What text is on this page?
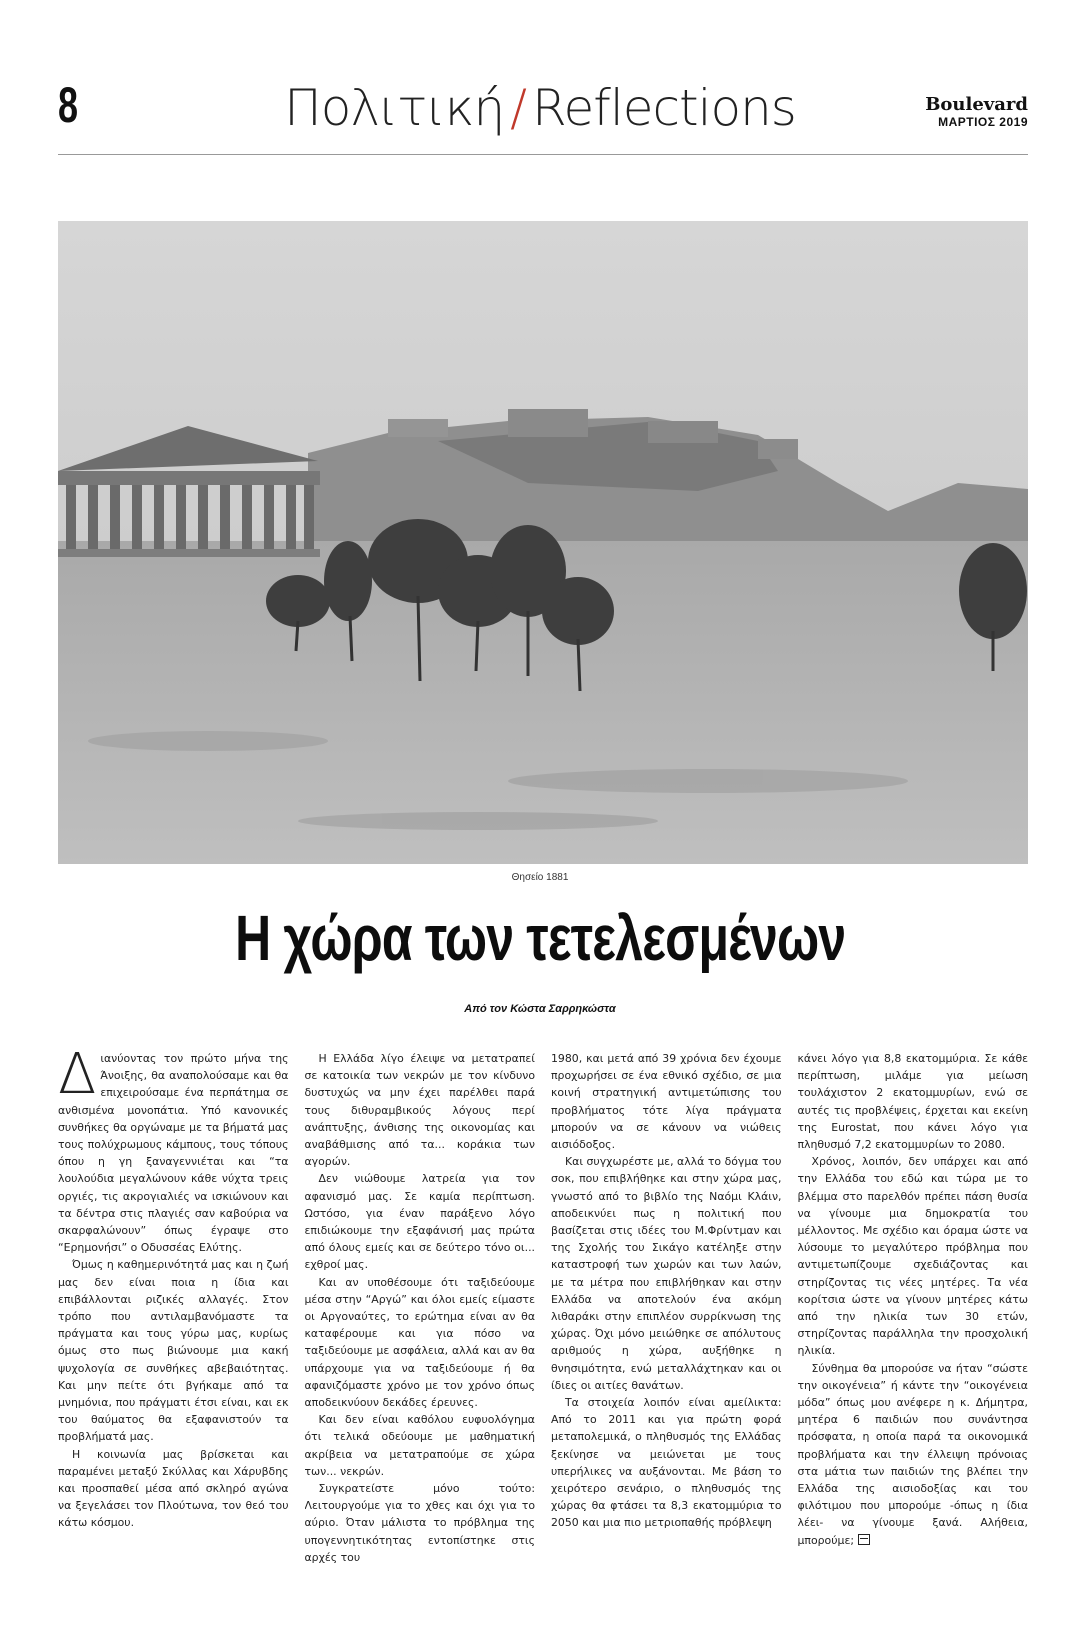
8	Πολιτική / Reflections	Boulevard
ΜΑΡΤΙΟΣ 2019
Θησείο 1881
Η χώρα των τετελεσμένων
Από τον Κώστα Σαρρηκώστα

Διανύοντας τον πρώτο μήνα της Άνοιξης, θα αναπολούσαμε και θα επιχειρούσαμε ένα περπάτημα σε ανθισμένα μονοπάτια. Υπό κανονικές συνθήκες θα οργώναμε με τα βήματά μας τους πολύχρωμους κάμπους, τους τόπους όπου η γη ξαναγεννιέται και “τα λουλούδια μεγαλώνουν κάθε νύχτα τρεις οργιές, τις ακρογιαλιές να ισκιώνουν και τα δέντρα στις πλαγιές σαν καβούρια να σκαρφαλώνουν” όπως έγραψε στο “Ερημονήσι” ο Οδυσσέας Ελύτης.

Όμως η καθημερινότητά μας και η ζωή μας δεν είναι ποια η ίδια και επιβάλλονται ριζικές αλλαγές. Στον τρόπο που αντιλαμβανόμαστε τα πράγματα και τους γύρω μας, κυρίως όμως στο πως βιώνουμε μια κακή ψυχολογία σε συνθήκες αβεβαιότητας. Και μην πείτε ότι βγήκαμε από τα μνημόνια, που πράγματι έτσι είναι, και εκ του θαύματος θα εξαφανιστούν τα προβλήματά μας.

Η κοινωνία μας βρίσκεται και παραμένει μεταξύ Σκύλλας και Χάρυβδης και προσπαθεί μέσα από σκληρό αγώνα να ξεγελάσει τον Πλούτωνα, τον θεό του κάτω κόσμου.

Η Ελλάδα λίγο έλειψε να μετατραπεί σε κατοικία των νεκρών με τον κίνδυνο δυστυχώς να μην έχει παρέλθει παρά τους διθυραμβικούς λόγους περί ανάπτυξης, άνθισης της οικονομίας και αναβάθμισης από τα... κοράκια των αγορών.

Δεν νιώθουμε λατρεία για τον αφανισμό μας. Σε καμία περίπτωση. Ωστόσο, για έναν παράξενο λόγο επιδιώκουμε την εξαφάνισή μας πρώτα από όλους εμείς και σε δεύτερο τόνο οι... εχθροί μας.

Και αν υποθέσουμε ότι ταξιδεύουμε μέσα στην “Αργώ” και όλοι εμείς είμαστε οι Αργοναύτες, το ερώτημα είναι αν θα καταφέρουμε και για πόσο να ταξιδεύουμε με ασφάλεια, αλλά και αν θα υπάρχουμε για να ταξιδεύουμε ή θα αφανιζόμαστε χρόνο με τον χρόνο όπως αποδεικνύουν δεκάδες έρευνες.

Και δεν είναι καθόλου ευφυολόγημα ότι τελικά οδεύουμε με μαθηματική ακρίβεια να μετατραπούμε σε χώρα των... νεκρών.

Συγκρατείστε μόνο τούτο: Λειτουργούμε για το χθες και όχι για το αύριο. Όταν μάλιστα το πρόβλημα της υπογεννητικότητας εντοπίστηκε στις αρχές του

1980, και μετά από 39 χρόνια δεν έχουμε προχωρήσει σε ένα εθνικό σχέδιο, σε μια κοινή στρατηγική αντιμετώπισης του προβλήματος τότε λίγα πράγματα μπορούν να σε κάνουν να νιώθεις αισιόδοξος.

Και συγχωρέστε με, αλλά το δόγμα του σοκ, που επιβλήθηκε και στην χώρα μας, γνωστό από το βιβλίο της Ναόμι Κλάιν, αποδεικνύει πως η πολιτική που βασίζεται στις ιδέες του Μ.Φρίντμαν και της Σχολής του Σικάγο κατέληξε στην καταστροφή των χωρών και των λαών, με τα μέτρα που επιβλήθηκαν και στην Ελλάδα να αποτελούν ένα ακόμη λιθαράκι στην επιπλέον συρρίκνωση της χώρας. Όχι μόνο μειώθηκε σε απόλυτους αριθμούς η χώρα, αυξήθηκε η θνησιμότητα, ενώ μεταλλάχτηκαν και οι ίδιες οι αιτίες θανάτων.

Τα στοιχεία λοιπόν είναι αμείλικτα: Από το 2011 και για πρώτη φορά μεταπολεμικά, ο πληθυσμός της Ελλάδας ξεκίνησε να μειώνεται με τους υπερήλικες να αυξάνονται. Με βάση το χειρότερο σενάριο, ο πληθυσμός της χώρας θα φτάσει τα 8,3 εκατομμύρια το 2050 και μια πιο μετριοπαθής πρόβλεψη

κάνει λόγο για 8,8 εκατομμύρια. Σε κάθε περίπτωση, μιλάμε για μείωση τουλάχιστον 2 εκατομμυρίων, ενώ σε αυτές τις προβλέψεις, έρχεται και εκείνη της Eurostat, που κάνει λόγο για πληθυσμό 7,2 εκατομμυρίων το 2080.

Χρόνος, λοιπόν, δεν υπάρχει και από την Ελλάδα του εδώ και τώρα με το βλέμμα στο παρελθόν πρέπει πάση θυσία να γίνουμε μια δημοκρατία του μέλλοντος. Με σχέδιο και όραμα ώστε να λύσουμε το μεγαλύτερο πρόβλημα που αντιμετωπίζουμε σχεδιάζοντας και στηρίζοντας τις νέες μητέρες. Τα νέα κορίτσια ώστε να γίνουν μητέρες κάτω από την ηλικία των 30 ετών, στηρίζοντας παράλληλα την προσχολική ηλικία.

Σύνθημα θα μπορούσε να ήταν “σώστε την οικογένεια” ή κάντε την “οικογένεια μόδα” όπως μου ανέφερε η κ. Δήμητρα, μητέρα 6 παιδιών που συνάντησα πρόσφατα, η οποία παρά τα οικονομικά προβλήματα και την έλλειψη πρόνοιας στα μάτια των παιδιών της βλέπει την Ελλάδα της αισιοδοξίας και του φιλότιμου που μπορούμε -όπως η ίδια λέει- να γίνουμε ξανά. Αλήθεια, μπορούμε;
